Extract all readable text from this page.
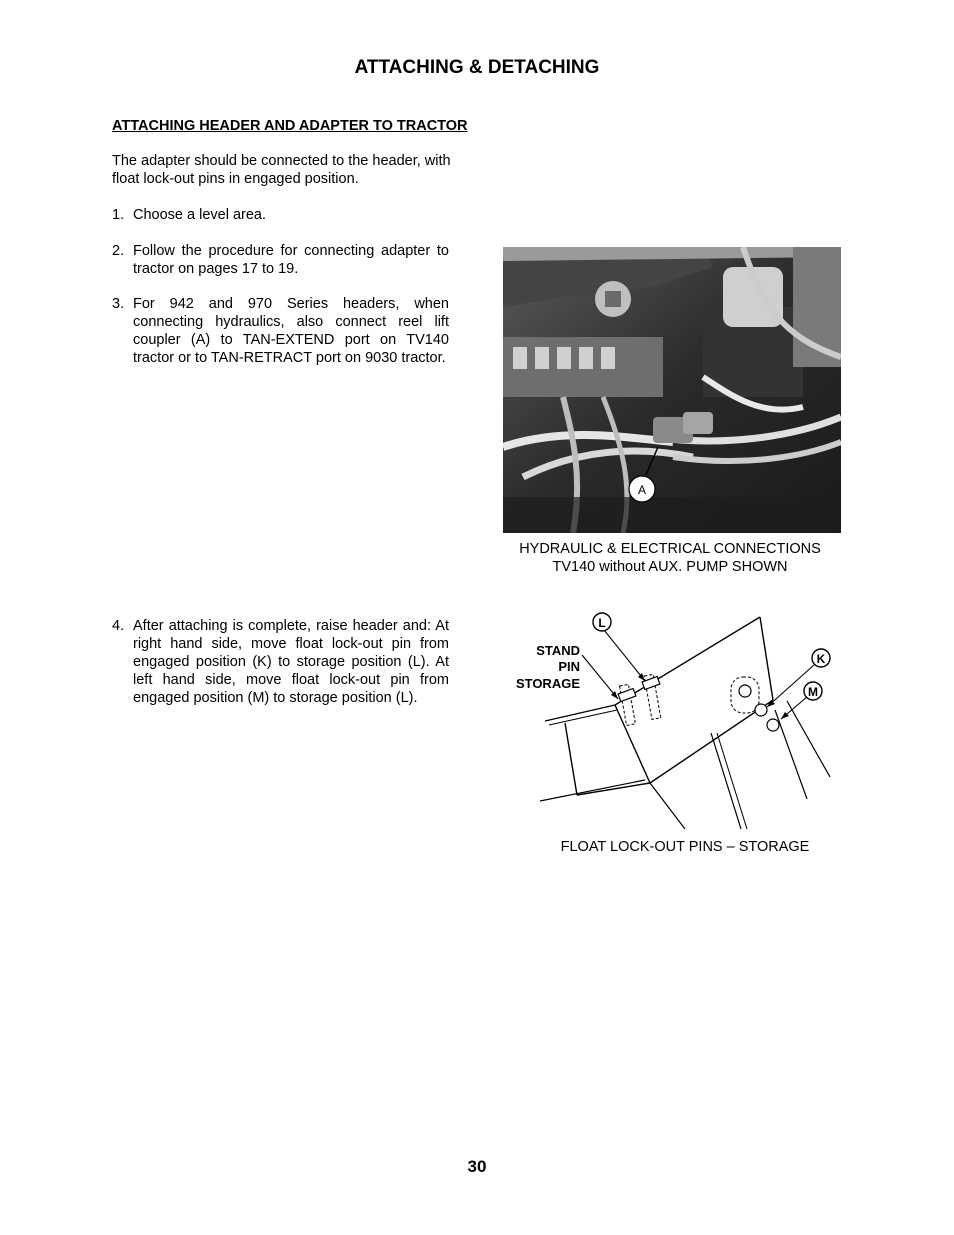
ATTACHING & DETACHING
ATTACHING HEADER AND ADAPTER TO TRACTOR
The adapter should be connected to the header, with float lock-out pins in engaged position.
1. Choose a level area.
2. Follow the procedure for connecting adapter to tractor on pages 17 to 19.
3. For 942 and 970 Series headers, when connecting hydraulics, also connect reel lift coupler (A) to TAN-EXTEND port on TV140 tractor or to TAN-RETRACT port on 9030 tractor.
4. After attaching is complete, raise header and: At right hand side, move float lock-out pin from engaged position (K) to storage position (L). At left hand side, move float lock-out pin from engaged position (M) to storage position (L).
A
HYDRAULIC & ELECTRICAL CONNECTIONS
TV140 without AUX. PUMP SHOWN
L
K
M
STAND
PIN
STORAGE
FLOAT LOCK-OUT PINS – STORAGE
30
